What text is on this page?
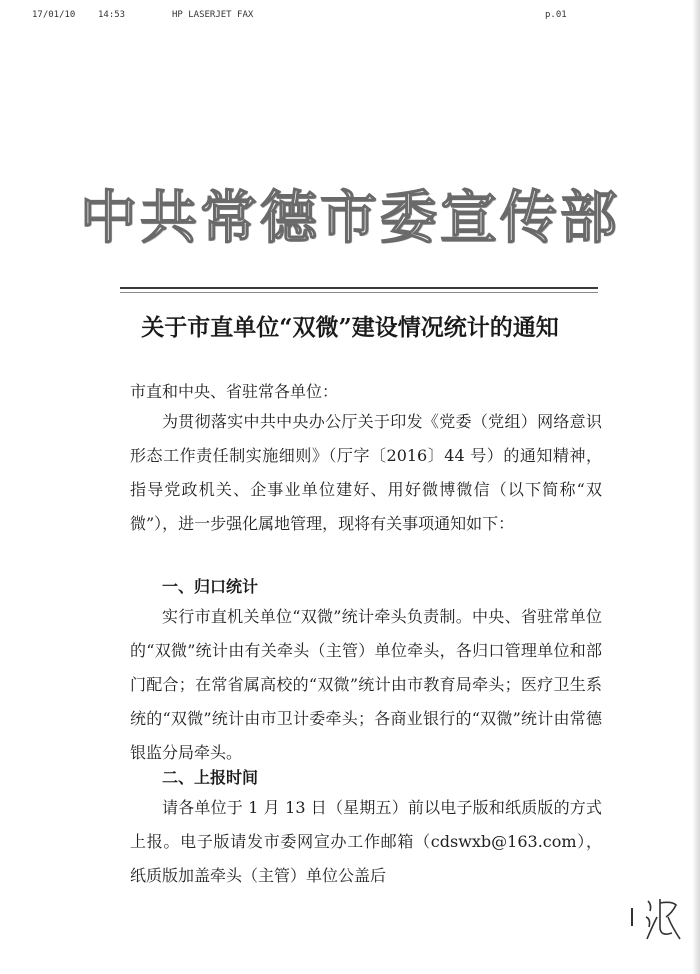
17/01/10	14:53	HP LASERJET FAX	p.01
中共常德市委宣传部
关于市直单位“双微”建设情况统计的通知
市直和中央、省驻常各单位：
为贯彻落实中共中央办公厅关于印发《党委（党组）网络意识形态工作责任制实施细则》（厅字〔2016〕44 号）的通知精神，指导党政机关、企事业单位建好、用好微博微信（以下简称“双微”），进一步强化属地管理，现将有关事项通知如下：
一、归口统计
实行市直机关单位“双微”统计牵头负责制。中央、省驻常单位的“双微”统计由有关牵头（主管）单位牵头，各归口管理单位和部门配合；在常省属高校的“双微”统计由市教育局牵头；医疗卫生系统的“双微”统计由市卫计委牵头；各商业银行的“双微”统计由常德银监分局牵头。
二、上报时间
请各单位于 1 月 13 日（星期五）前以电子版和纸质版的方式上报。电子版请发市委网宣办工作邮箱（cdswxb@163.com），纸质版加盖牵头（主管）单位公盖后
